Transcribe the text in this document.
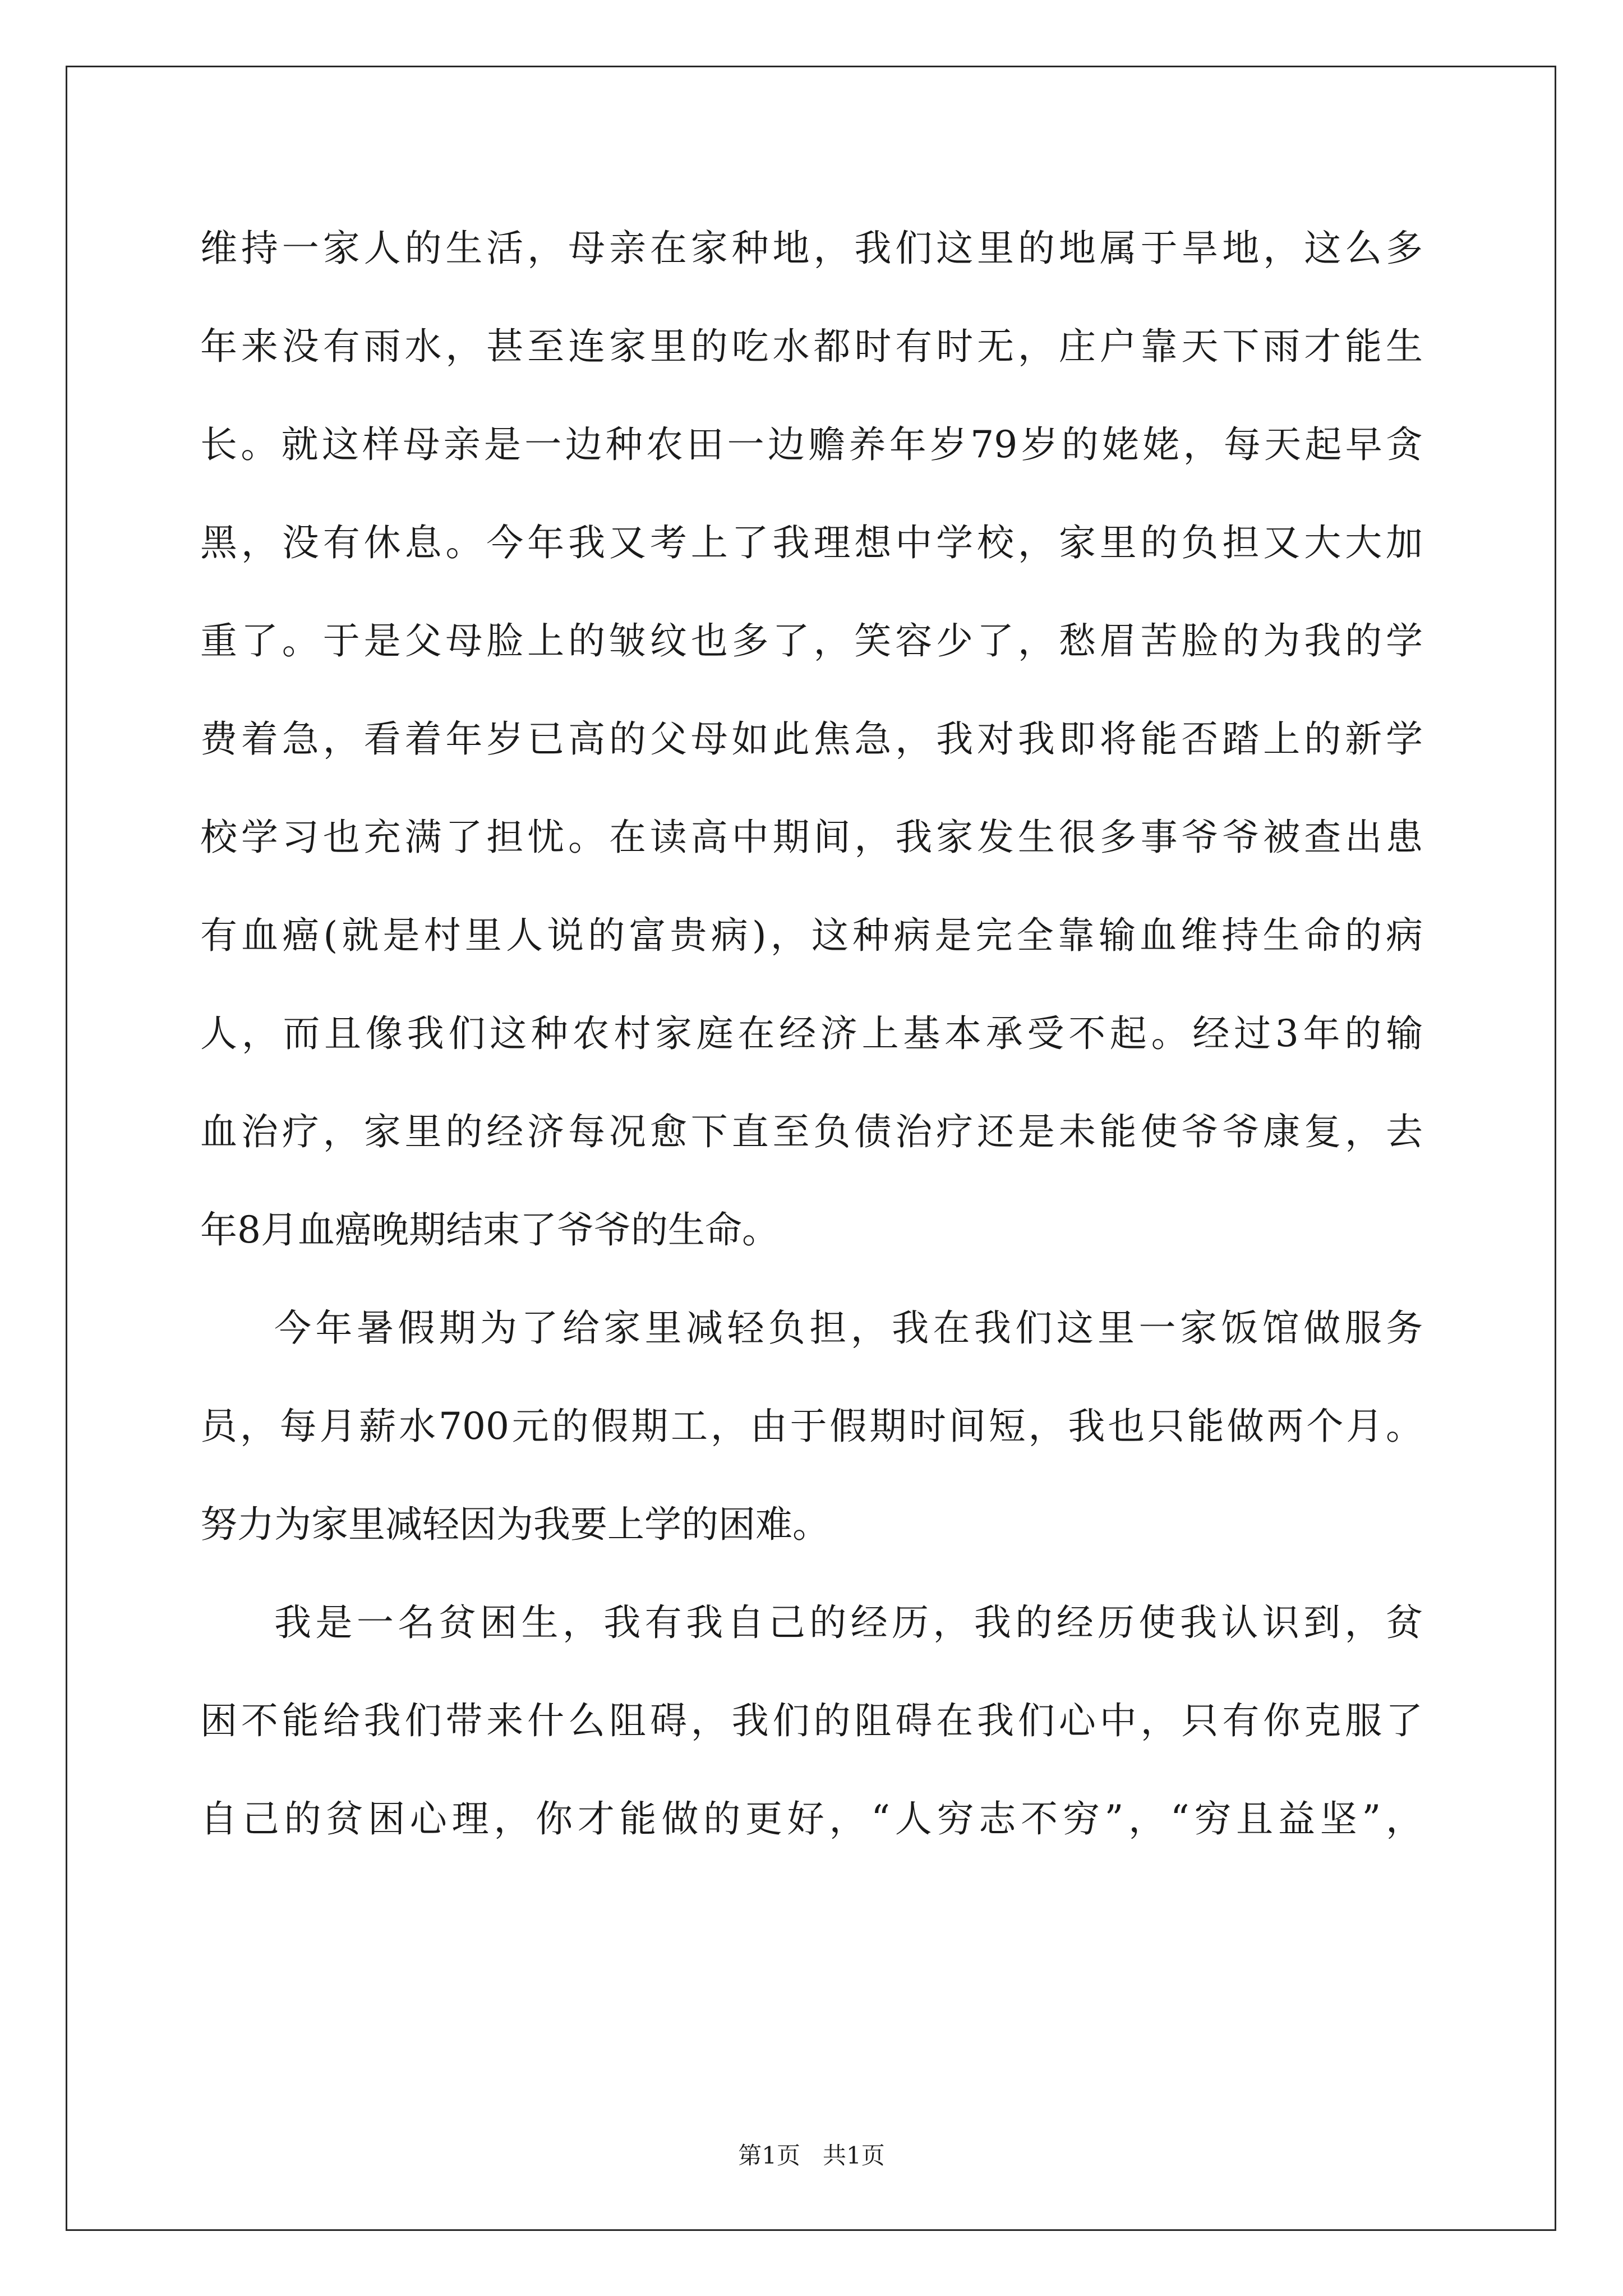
维持一家人的生活，母亲在家种地，我们这里的地属于旱地，这么多
年来没有雨水，甚至连家里的吃水都时有时无，庄户靠天下雨才能生
长。就这样母亲是一边种农田一边赡养年岁79岁的姥姥，每天起早贪
黑，没有休息。今年我又考上了我理想中学校，家里的负担又大大加
重了。于是父母脸上的皱纹也多了，笑容少了，愁眉苦脸的为我的学
费着急，看着年岁已高的父母如此焦急，我对我即将能否踏上的新学
校学习也充满了担忧。在读高中期间，我家发生很多事爷爷被查出患
有血癌(就是村里人说的富贵病)，这种病是完全靠输血维持生命的病
人，而且像我们这种农村家庭在经济上基本承受不起。经过3年的输
血治疗，家里的经济每况愈下直至负债治疗还是未能使爷爷康复，去
年8月血癌晚期结束了爷爷的生命。
今年暑假期为了给家里减轻负担，我在我们这里一家饭馆做服务
员，每月薪水700元的假期工，由于假期时间短，我也只能做两个月。
努力为家里减轻因为我要上学的困难。
我是一名贫困生，我有我自己的经历，我的经历使我认识到，贫
困不能给我们带来什么阻碍，我们的阻碍在我们心中，只有你克服了
自己的贫困心理，你才能做的更好，“人穷志不穷”，“穷且益坚”，
第1页 共1页
